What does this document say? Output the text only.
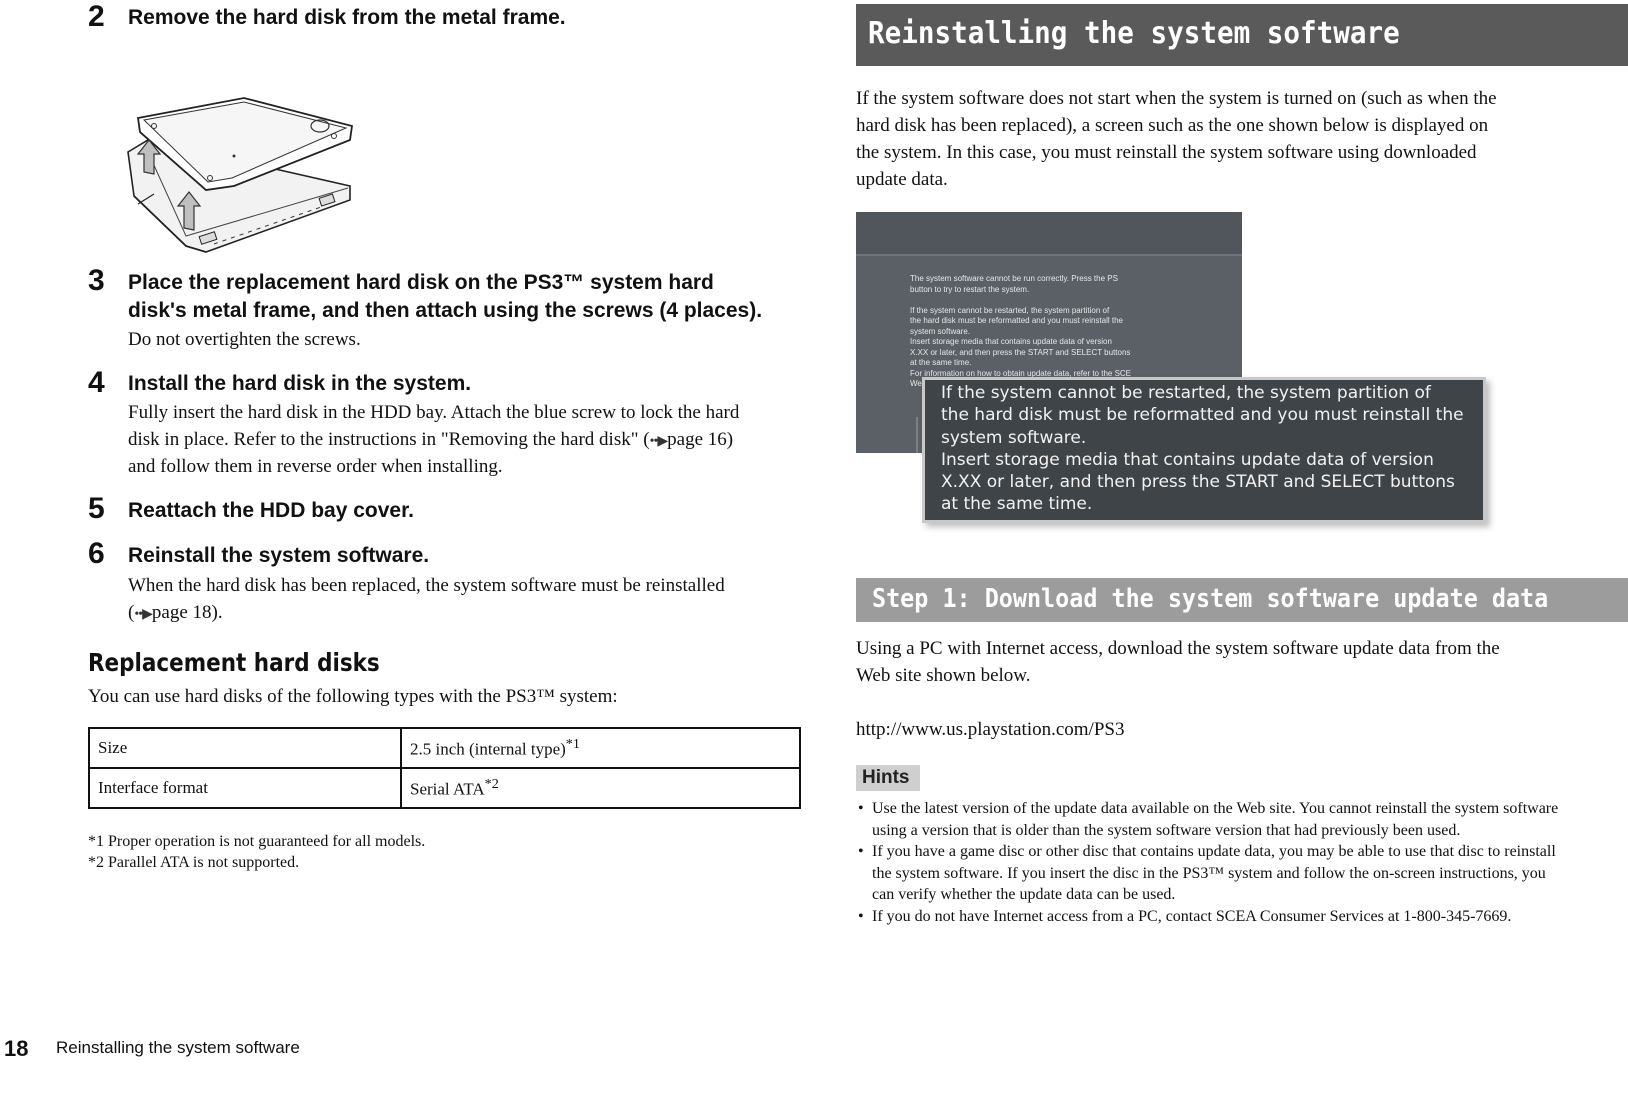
2 Remove the hard disk from the metal frame.
3 Place the replacement hard disk on the PS3™ system hard
disk's metal frame, and then attach using the screws (4 places).
Do not overtighten the screws.
4 Install the hard disk in the system.
Fully insert the hard disk in the HDD bay. Attach the blue screw to lock the hard
disk in place. Refer to the instructions in "Removing the hard disk" (••▶page 16)
and follow them in reverse order when installing.
5 Reattach the HDD bay cover.
6 Reinstall the system software.
When the hard disk has been replaced, the system software must be reinstalled
(••▶page 18).
Replacement hard disks
You can use hard disks of the following types with the PS3™ system:
Size	2.5 inch (internal type)$^{*1}$
Interface format	Serial ATA$^{*2}$
*1 Proper operation is not guaranteed for all models.
*2 Parallel ATA is not supported.
Reinstalling the system software
If the system software does not start when the system is turned on (such as when the
hard disk has been replaced), a screen such as the one shown below is displayed on
the system. In this case, you must reinstall the system software using downloaded
update data.
The system software cannot be run correctly. Press the PS
button to try to restart the system.

If the system cannot be restarted, the system partition of
the hard disk must be reformatted and you must reinstall the
system software.
Insert storage media that contains update data of version
X.XX or later, and then press the START and SELECT buttons
at the same time.
For information on how to obtain update data, refer to the SCE
We	If the system cannot be restarted, the system partition of
the hard disk must be reformatted and you must reinstall the
system software.
Insert storage media that contains update data of version
X.XX or later, and then press the START and SELECT buttons
at the same time.
Step 1: Download the system software update data
Using a PC with Internet access, download the system software update data from the
Web site shown below.
http://www.us.playstation.com/PS3
Hints
• Use the latest version of the update data available on the Web site. You cannot reinstall the system software using a version that is older than the system software version that had previously been used.
• If you have a game disc or other disc that contains update data, you may be able to use that disc to reinstall the system software. If you insert the disc in the PS3™ system and follow the on-screen instructions, you can verify whether the update data can be used.
• If you do not have Internet access from a PC, contact SCEA Consumer Services at 1-800-345-7669.
18 Reinstalling the system software
